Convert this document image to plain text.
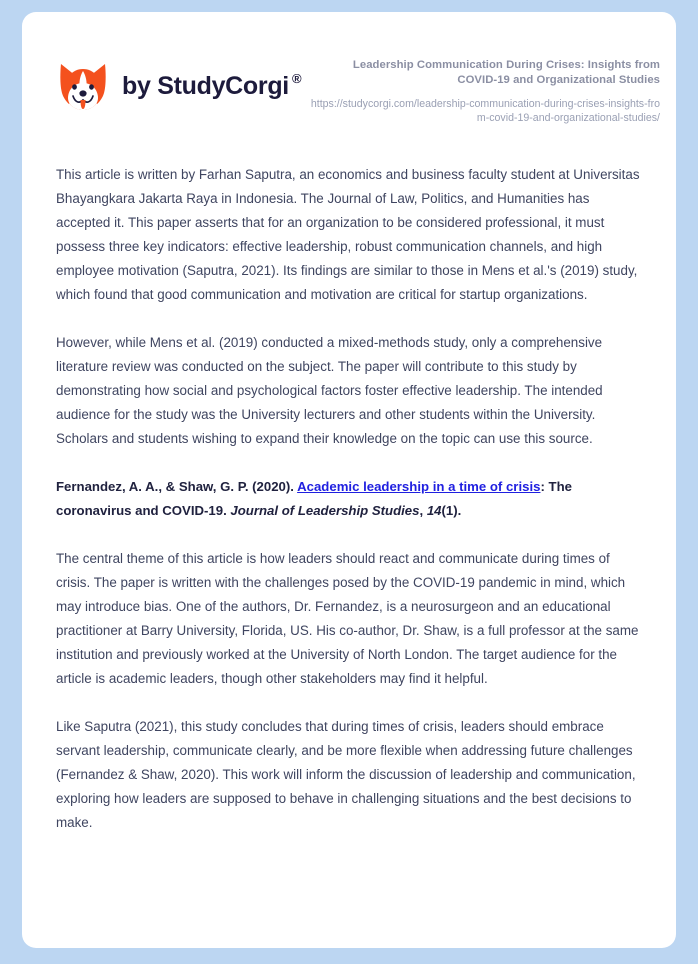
by StudyCorgi ®

Leadership Communication During Crises: Insights from COVID-19 and Organizational Studies

https://studycorgi.com/leadership-communication-during-crises-insights-from-covid-19-and-organizational-studies/

This article is written by Farhan Saputra, an economics and business faculty student at Universitas Bhayangkara Jakarta Raya in Indonesia. The Journal of Law, Politics, and Humanities has accepted it. This paper asserts that for an organization to be considered professional, it must possess three key indicators: effective leadership, robust communication channels, and high employee motivation (Saputra, 2021). Its findings are similar to those in Mens et al.'s (2019) study, which found that good communication and motivation are critical for startup organizations.

However, while Mens et al. (2019) conducted a mixed-methods study, only a comprehensive literature review was conducted on the subject. The paper will contribute to this study by demonstrating how social and psychological factors foster effective leadership. The intended audience for the study was the University lecturers and other students within the University. Scholars and students wishing to expand their knowledge on the topic can use this source.

Fernandez, A. A., & Shaw, G. P. (2020). Academic leadership in a time of crisis: The coronavirus and COVID-19. Journal of Leadership Studies, 14(1).

The central theme of this article is how leaders should react and communicate during times of crisis. The paper is written with the challenges posed by the COVID-19 pandemic in mind, which may introduce bias. One of the authors, Dr. Fernandez, is a neurosurgeon and an educational practitioner at Barry University, Florida, US. His co-author, Dr. Shaw, is a full professor at the same institution and previously worked at the University of North London. The target audience for the article is academic leaders, though other stakeholders may find it helpful.

Like Saputra (2021), this study concludes that during times of crisis, leaders should embrace servant leadership, communicate clearly, and be more flexible when addressing future challenges (Fernandez & Shaw, 2020). This work will inform the discussion of leadership and communication, exploring how leaders are supposed to behave in challenging situations and the best decisions to make.
